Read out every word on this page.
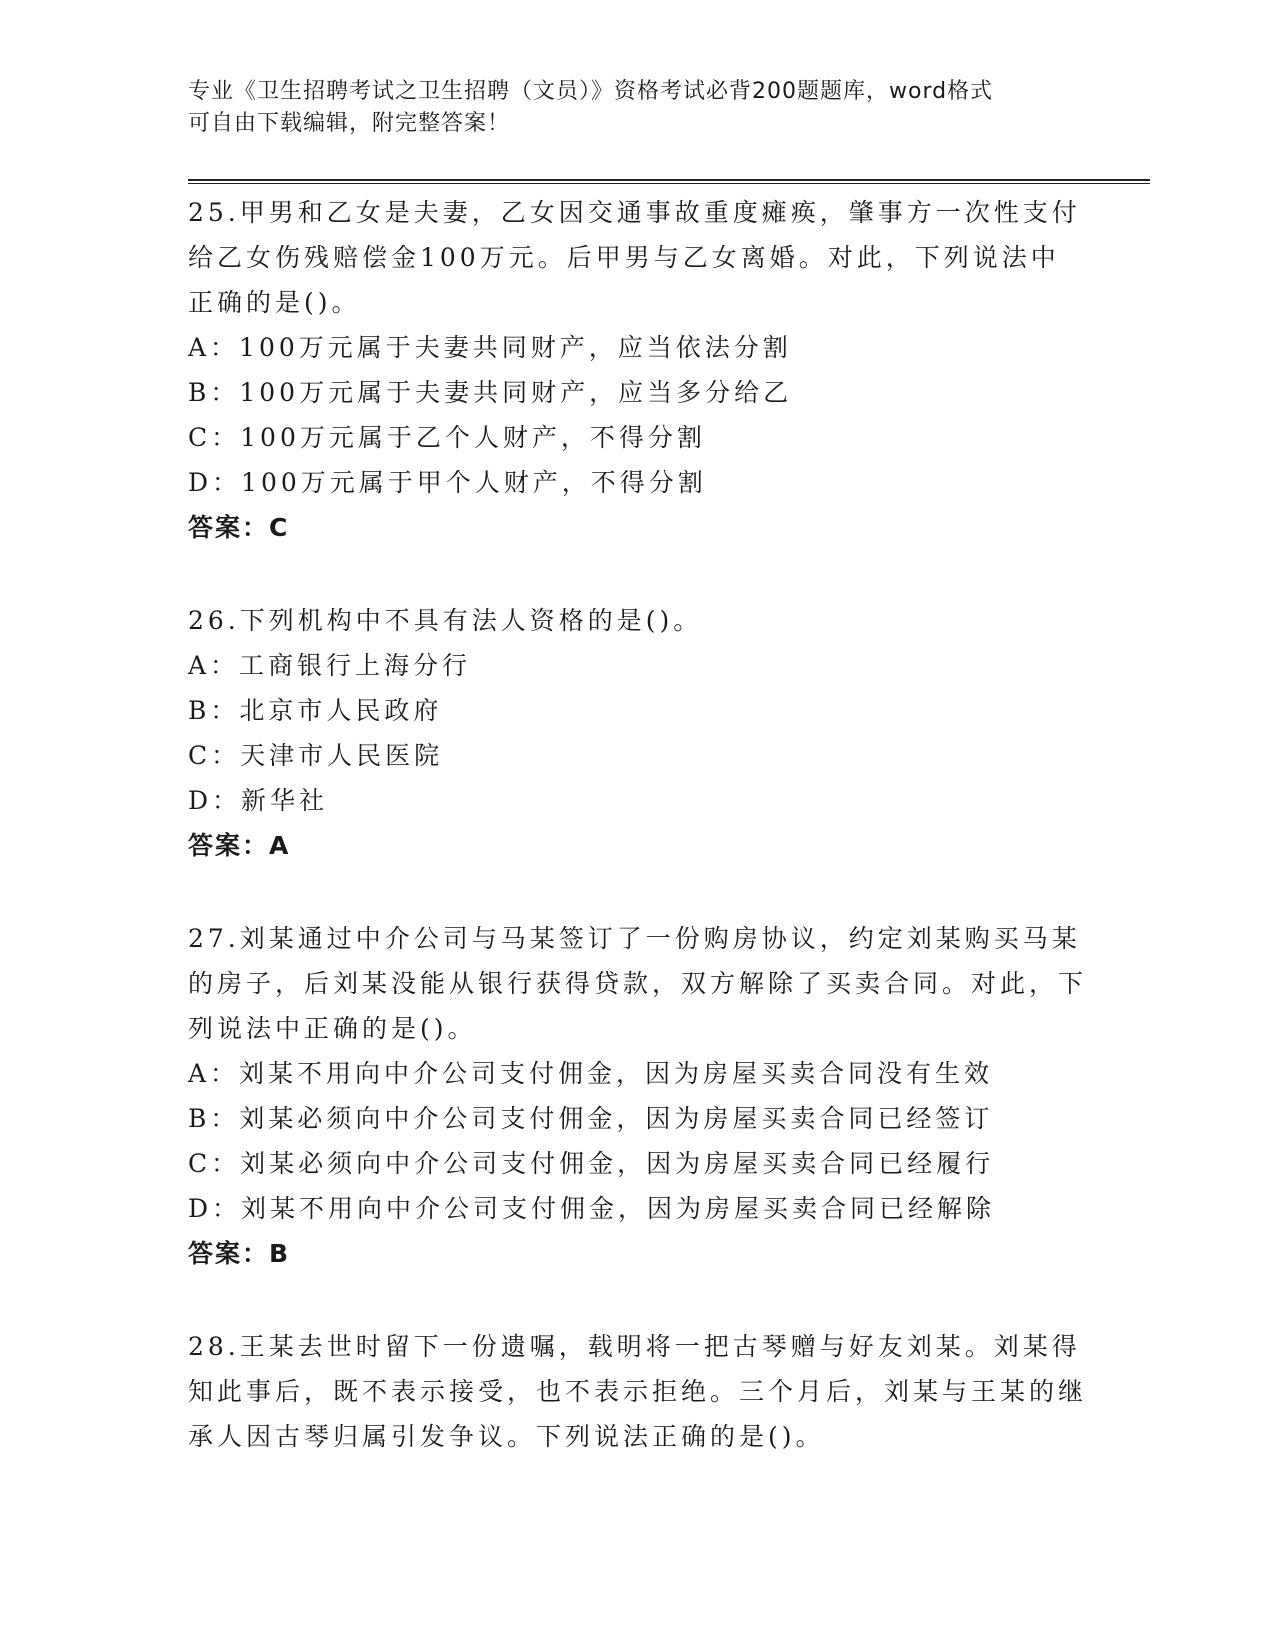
专业《卫生招聘考试之卫生招聘（文员）》资格考试必背200题题库，word格式
可自由下载编辑，附完整答案！

25.甲男和乙女是夫妻，乙女因交通事故重度瘫痪，肇事方一次性支付给乙女伤残赔偿金100万元。后甲男与乙女离婚。对此，下列说法中正确的是()。

A：100万元属于夫妻共同财产，应当依法分割

B：100万元属于夫妻共同财产，应当多分给乙

C：100万元属于乙个人财产，不得分割

D：100万元属于甲个人财产，不得分割

答案：C

26.下列机构中不具有法人资格的是()。

A：工商银行上海分行

B：北京市人民政府

C：天津市人民医院

D：新华社

答案：A

27.刘某通过中介公司与马某签订了一份购房协议，约定刘某购买马某的房子，后刘某没能从银行获得贷款，双方解除了买卖合同。对此，下列说法中正确的是()。

A：刘某不用向中介公司支付佣金，因为房屋买卖合同没有生效

B：刘某必须向中介公司支付佣金，因为房屋买卖合同已经签订

C：刘某必须向中介公司支付佣金，因为房屋买卖合同已经履行

D：刘某不用向中介公司支付佣金，因为房屋买卖合同已经解除

答案：B

28.王某去世时留下一份遗嘱，载明将一把古琴赠与好友刘某。刘某得知此事后，既不表示接受，也不表示拒绝。三个月后，刘某与王某的继承人因古琴归属引发争议。下列说法正确的是()。
